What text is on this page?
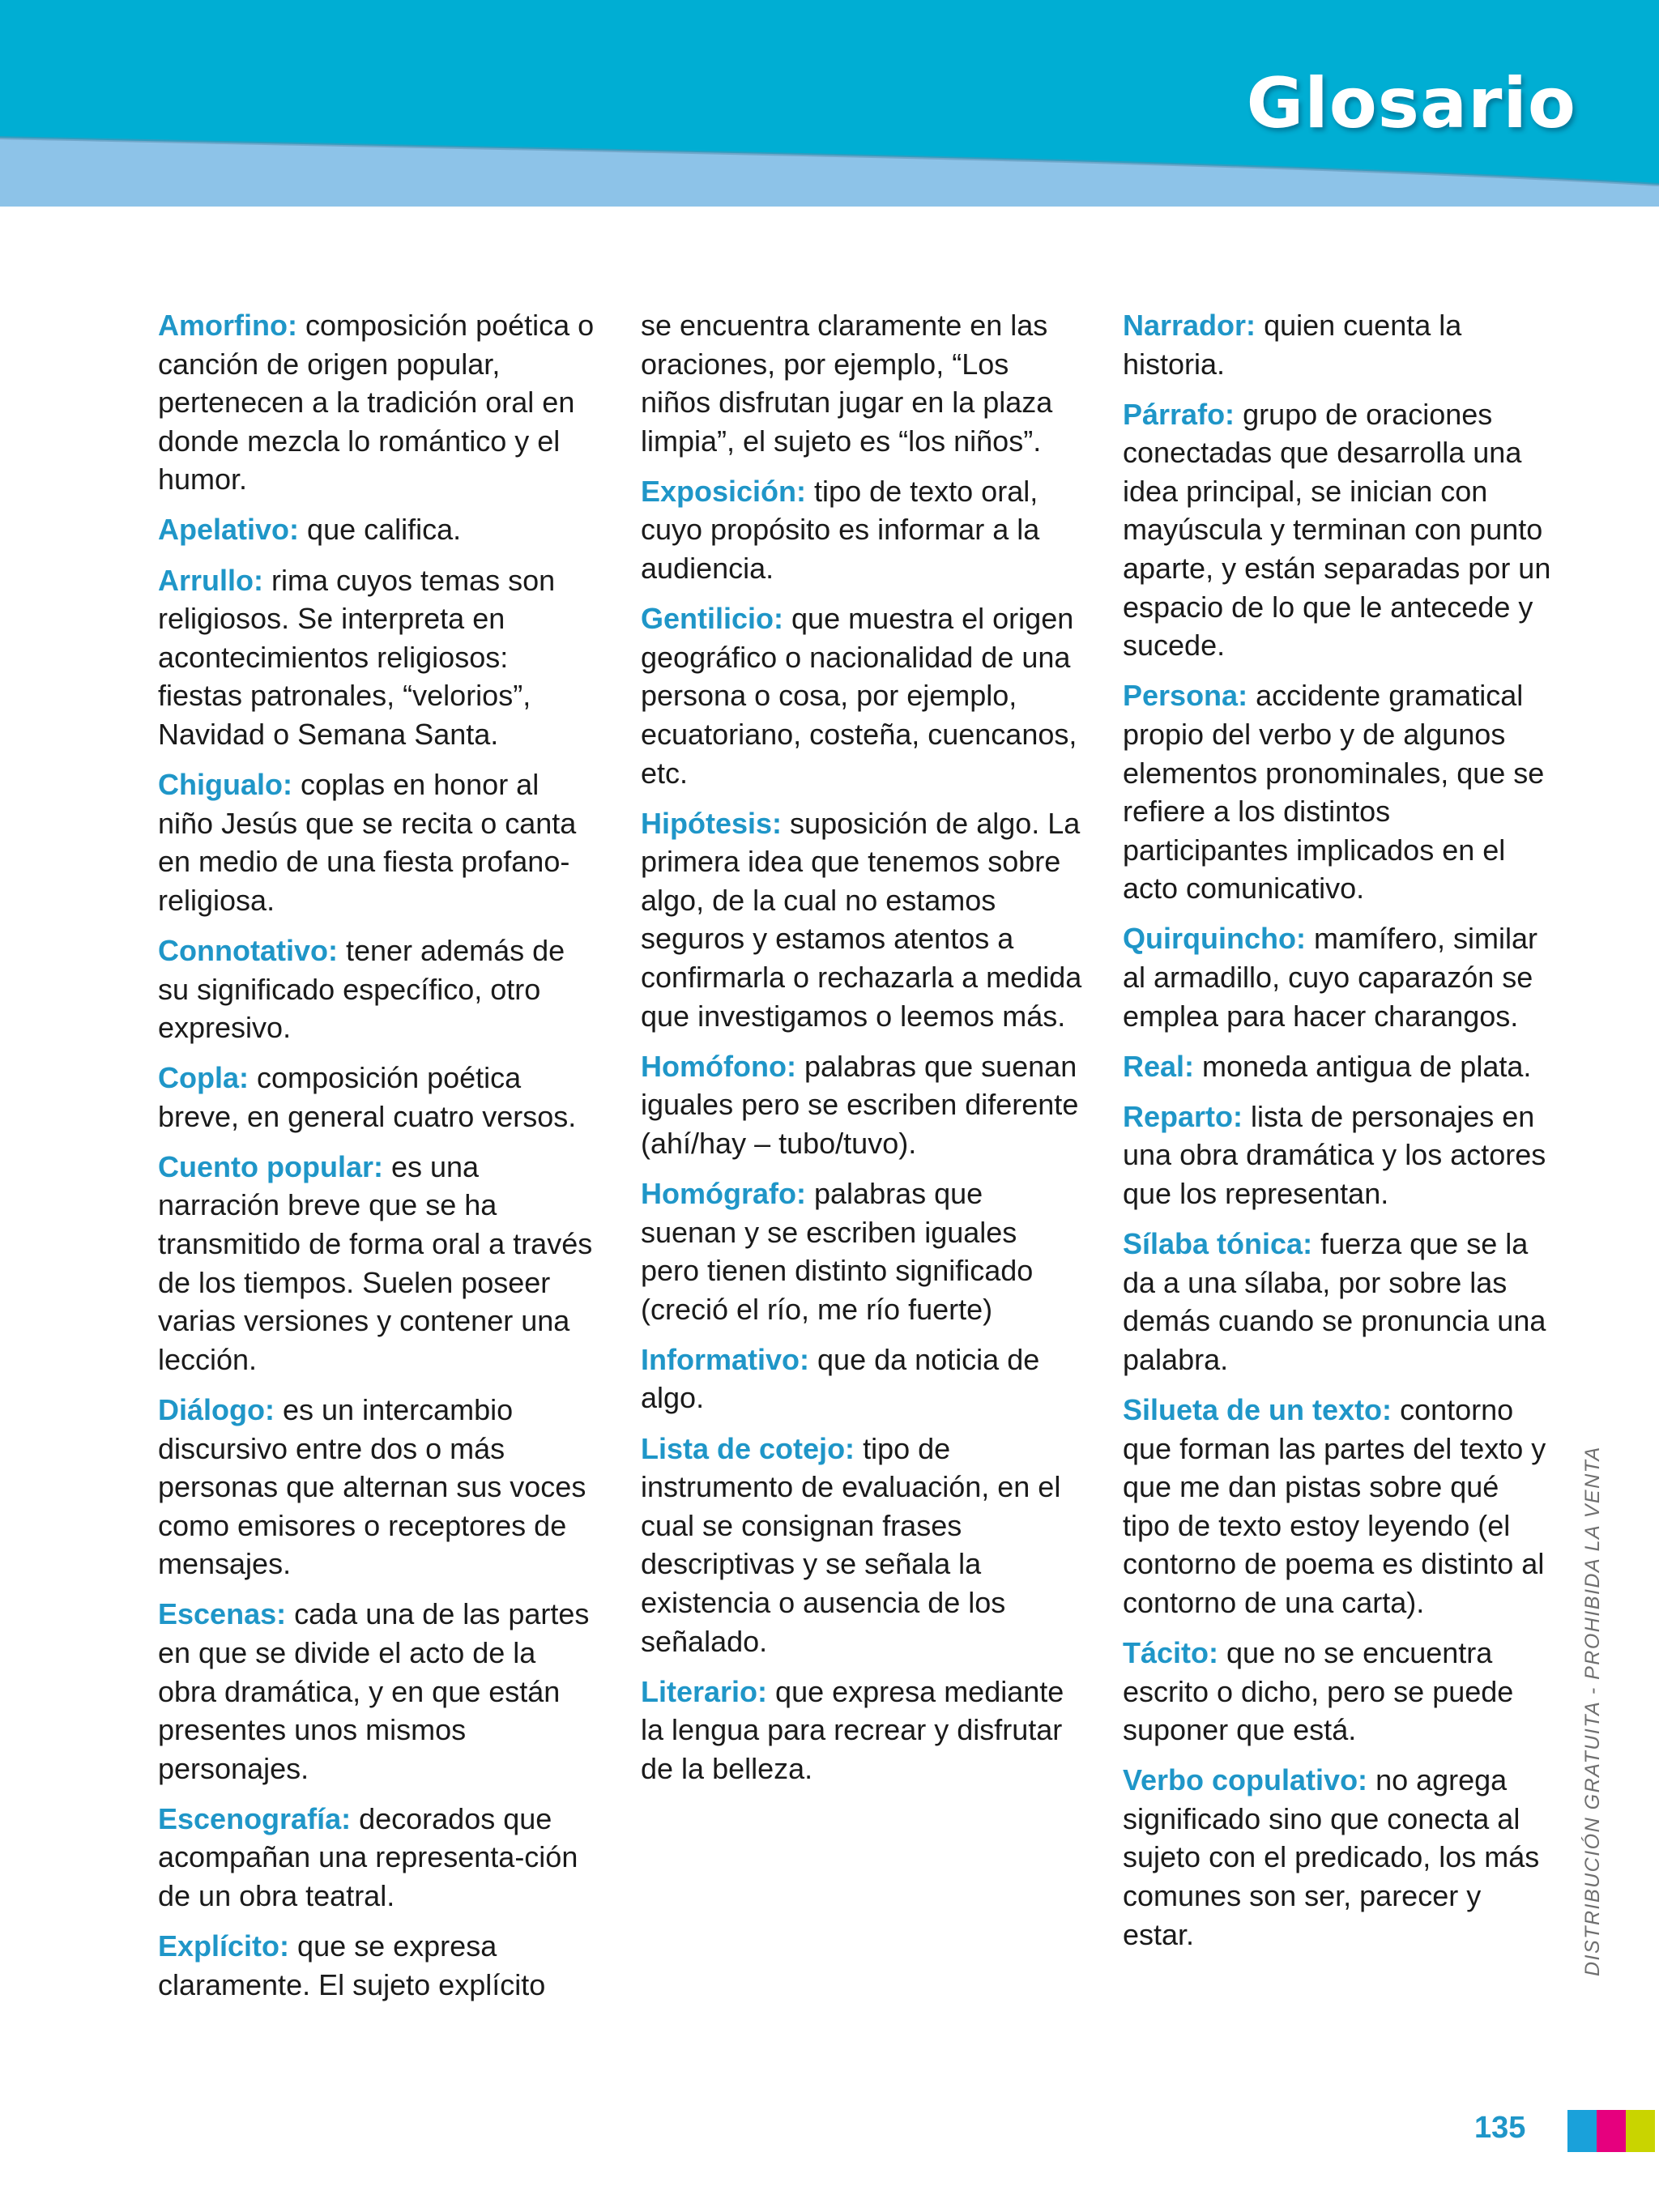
Glosario

Amorfino: composición poética o canción de origen popular, pertenecen a la tradición oral en donde mezcla lo romántico y el humor.

Apelativo: que califica.

Arrullo: rima cuyos temas son religiosos. Se interpreta en acontecimientos religiosos: fiestas patronales, “velorios”, Navidad o Semana Santa.

Chigualo: coplas en honor al niño Jesús que se recita o canta en medio de una fiesta profano-religiosa.

Connotativo: tener además de su significado específico, otro expresivo.

Copla: composición poética breve, en general cuatro versos.

Cuento popular: es una narración breve que se ha transmitido de forma oral a través de los tiempos. Suelen poseer varias versiones y contener una lección.

Diálogo: es un intercambio discursivo entre dos o más personas que alternan sus voces como emisores o receptores de mensajes.

Escenas: cada una de las partes en que se divide el acto de la obra dramática, y en que están presentes unos mismos personajes.

Escenografía: decorados que acompañan una representa-ción de un obra teatral.

Explícito: que se expresa claramente. El sujeto explícito

se encuentra claramente en las oraciones, por ejemplo, “Los niños disfrutan jugar en la plaza limpia”, el sujeto es “los niños”.

Exposición: tipo de texto oral, cuyo propósito es informar a la audiencia.

Gentilicio: que muestra el origen geográfico o nacionalidad de una persona o cosa, por ejemplo, ecuatoriano, costeña, cuencanos, etc.

Hipótesis: suposición de algo. La primera idea que tenemos sobre algo, de la cual no estamos seguros y estamos atentos a confirmarla o rechazarla a medida que investigamos o leemos más.

Homófono: palabras que suenan iguales pero se escriben diferente (ahí/hay – tubo/tuvo).

Homógrafo: palabras que suenan y se escriben iguales pero tienen distinto significado (creció el río, me río fuerte)

Informativo: que da noticia de algo.

Lista de cotejo: tipo de instrumento de evaluación, en el cual se consignan frases descriptivas y se señala la existencia o ausencia de los señalado.

Literario: que expresa mediante la lengua para recrear y disfrutar de la belleza.

Narrador: quien cuenta la historia.

Párrafo: grupo de oraciones conectadas que desarrolla una idea principal, se inician con mayúscula y terminan con punto aparte, y están separadas por un espacio de lo que le antecede y sucede.

Persona: accidente gramatical propio del verbo y de algunos elementos pronominales, que se refiere a los distintos participantes implicados en el acto comunicativo.

Quirquincho: mamífero, similar al armadillo, cuyo caparazón se emplea para hacer charangos.

Real: moneda antigua de plata.

Reparto: lista de personajes en una obra dramática y los actores que los representan.

Sílaba tónica: fuerza que se la da a una sílaba, por sobre las demás cuando se pronuncia una palabra.

Silueta de un texto: contorno que forman las partes del texto y que me dan pistas sobre qué tipo de texto estoy leyendo (el contorno de poema es distinto al contorno de una carta).

Tácito: que no se encuentra escrito o dicho, pero se puede suponer que está.

Verbo copulativo: no agrega significado sino que conecta al sujeto con el predicado, los más comunes son ser, parecer y estar.	DISTRIBUCIÓN GRATUITA - PROHIBIDA LA VENTA
135
